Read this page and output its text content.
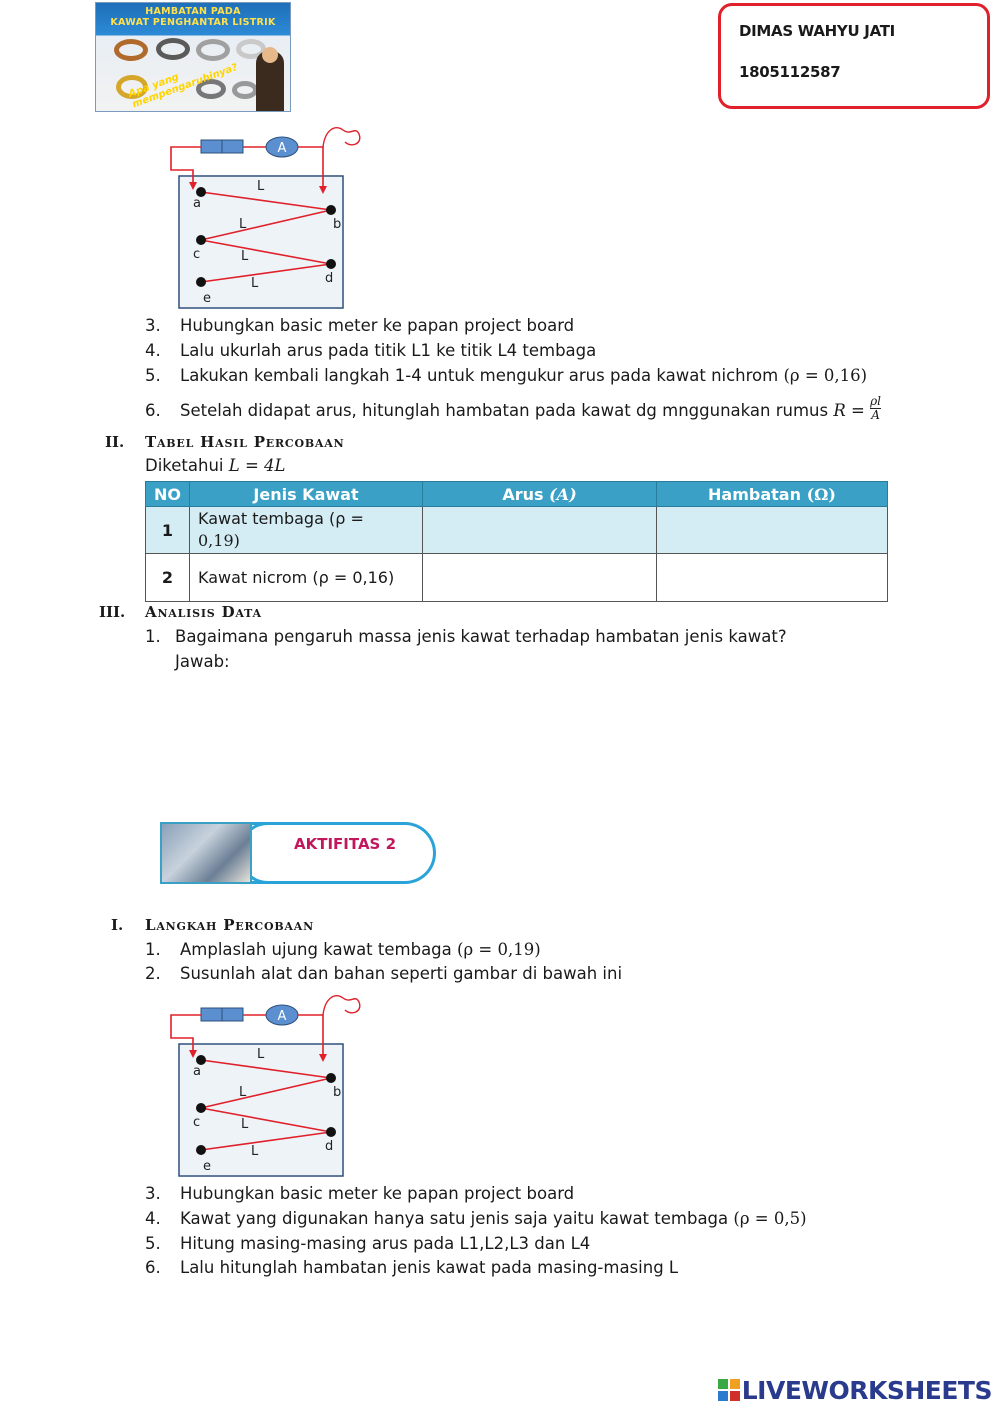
HAMBATAN PADA
KAWAT PENGHANTAR LISTRIK
Apa yang mempengaruhinya?
DIMAS WAHYU JATI
1805112587
A
a
b
c
d
e
L
L
L
L
3. Hubungkan basic meter ke papan project board
4. Lalu ukurlah arus pada titik L1 ke titik L4 tembaga
5. Lakukan kembali langkah 1-4 untuk mengukur arus pada kawat nichrom (ρ = 0,16)
6. Setelah didapat arus, hitunglah hambatan pada kawat dg mnggunakan rumus $R = \frac{\rho l}{A}$
II. Tabel Hasil Percobaan
Diketahui L = 4L
NO	Jenis Kawat	Arus (A)	Hambatan (Ω)
1	Kawat tembaga (ρ =
0,19)		

2	Kawat nicrom (ρ = 0,16)		

III. Analisis Data
1. Bagaimana pengaruh massa jenis kawat terhadap hambatan jenis kawat?
Jawab:
AKTIFITAS 2
I. Langkah Percobaan
1. Amplaslah ujung kawat tembaga (ρ = 0,19)
2. Susunlah alat dan bahan seperti gambar di bawah ini
A
a
b
c
d
e
L
L
L
L
3. Hubungkan basic meter ke papan project board
4. Kawat yang digunakan hanya satu jenis saja yaitu kawat tembaga (ρ = 0,5)
5. Hitung masing-masing arus pada L1,L2,L3 dan L4
6. Lalu hitunglah hambatan jenis kawat pada masing-masing L
LIVEWORKSHEETS
